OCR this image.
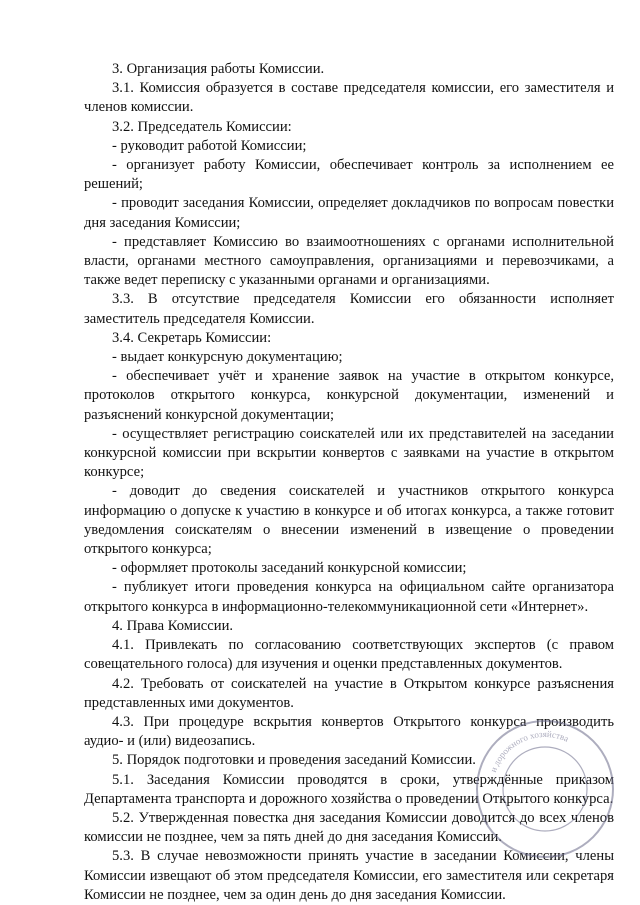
3. Организация работы Комиссии.

3.1. Комиссия образуется в составе председателя комиссии, его заместителя и членов комиссии.

3.2. Председатель Комиссии:

- руководит работой Комиссии;

- организует работу Комиссии, обеспечивает контроль за исполнением ее решений;

- проводит заседания Комиссии, определяет докладчиков по вопросам повестки дня заседания Комиссии;

- представляет Комиссию во взаимоотношениях с органами исполнительной власти, органами местного самоуправления, организациями и перевозчиками, а также ведет переписку с указанными органами и организациями.

3.3. В отсутствие председателя Комиссии его обязанности исполняет заместитель председателя Комиссии.

3.4. Секретарь Комиссии:

- выдает конкурсную документацию;

- обеспечивает учёт и хранение заявок на участие в открытом конкурсе, протоколов открытого конкурса, конкурсной документации, изменений и разъяснений конкурсной документации;

- осуществляет регистрацию соискателей или их представителей на заседании конкурсной комиссии при вскрытии конвертов с заявками на участие в открытом конкурсе;

- доводит до сведения соискателей и участников открытого конкурса информацию о допуске к участию в конкурсе и об итогах конкурса, а также готовит уведомления соискателям о внесении изменений в извещение о проведении открытого конкурса;

- оформляет протоколы заседаний конкурсной комиссии;

- публикует итоги проведения конкурса на официальном сайте организатора открытого конкурса в информационно-телекоммуникационной сети «Интернет».

4. Права Комиссии.

4.1. Привлекать по согласованию соответствующих экспертов (с правом совещательного голоса) для изучения и оценки представленных документов.

4.2. Требовать от соискателей на участие в Открытом конкурсе разъяснения представленных ими документов.

4.3. При процедуре вскрытия конвертов Открытого конкурса производить аудио- и (или) видеозапись.

5. Порядок подготовки и проведения заседаний Комиссии.

5.1. Заседания Комиссии проводятся в сроки, утверждённые приказом Департамента транспорта и дорожного хозяйства о проведении Открытого конкурса.

5.2. Утвержденная повестка дня заседания Комиссии доводится до всех членов комиссии не позднее, чем за пять дней до дня заседания Комиссии.

5.3. В случае невозможности принять участие в заседании Комиссии, члены Комиссии извещают об этом председателя Комиссии, его заместителя или секретаря Комиссии не позднее, чем за один день до дня заседания Комиссии.

и дорожного хозяйства
